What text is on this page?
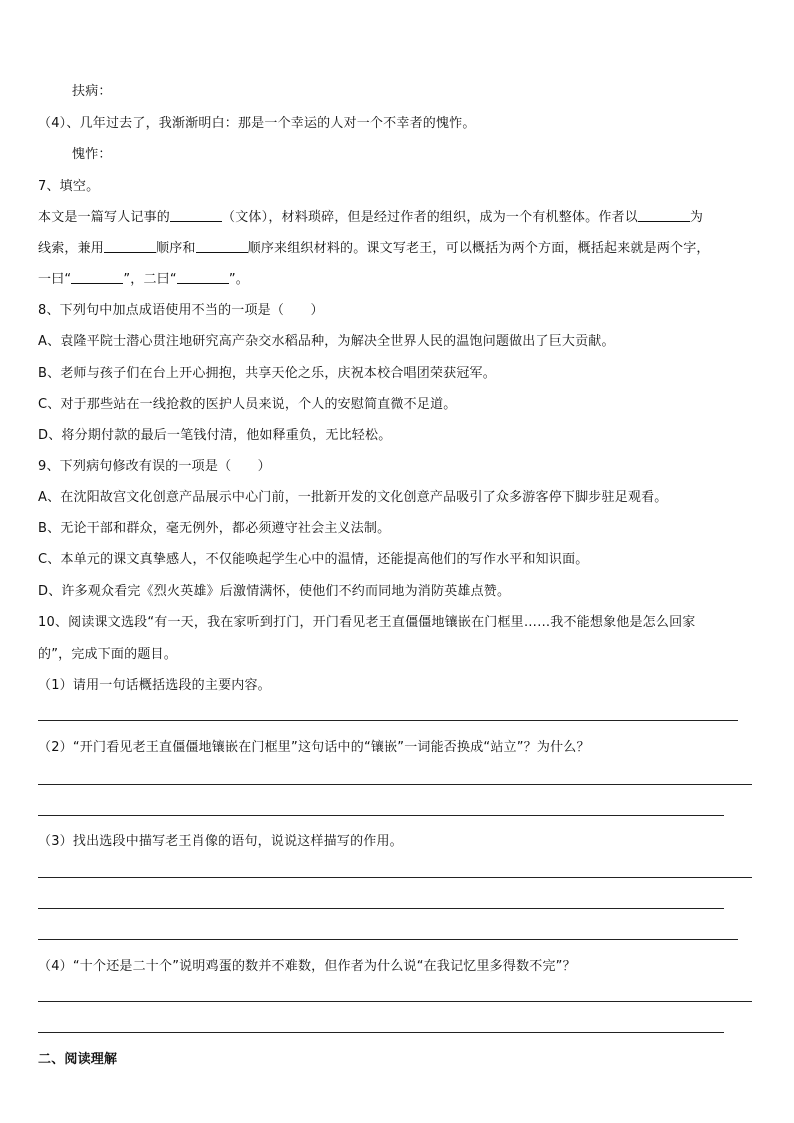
扶病：
（4）、几年过去了，我渐渐明白：那是一个幸运的人对一个不幸者的愧怍。
愧怍：
7、填空。
本文是一篇写人记事的	（文体），材料琐碎，但是经过作者的组织，成为一个有机整体。作者以	为
线索，兼用	顺序和	顺序来组织材料的。课文写老王，可以概括为两个方面，概括起来就是两个字，
一曰“	”，二曰“	”。
8、下列句中加点成语使用不当的一项是（　　）
A、袁隆平院士潜心贯注地研究高产杂交水稻品种，为解决全世界人民的温饱问题做出了巨大贡献。
B、老师与孩子们在台上开心拥抱，共享天伦之乐，庆祝本校合唱团荣获冠军。
C、对于那些站在一线抢救的医护人员来说，个人的安慰简直微不足道。
D、将分期付款的最后一笔钱付清，他如释重负，无比轻松。
9、下列病句修改有误的一项是（　　）
A、在沈阳故宫文化创意产品展示中心门前，一批新开发的文化创意产品吸引了众多游客停下脚步驻足观看。
B、无论干部和群众，毫无例外，都必须遵守社会主义法制。
C、本单元的课文真挚感人，不仅能唤起学生心中的温情，还能提高他们的写作水平和知识面。
D、许多观众看完《烈火英雄》后激情满怀，使他们不约而同地为消防英雄点赞。
10、阅读课文选段“有一天，我在家听到打门，开门看见老王直僵僵地镶嵌在门框里……我不能想象他是怎么回家
的”，完成下面的题目。
（1）请用一句话概括选段的主要内容。
（2）“开门看见老王直僵僵地镶嵌在门框里”这句话中的“镶嵌”一词能否换成“站立”？为什么？
（3）找出选段中描写老王肖像的语句，说说这样描写的作用。
（4）“十个还是二十个”说明鸡蛋的数并不难数，但作者为什么说“在我记忆里多得数不完”？
二、阅读理解
